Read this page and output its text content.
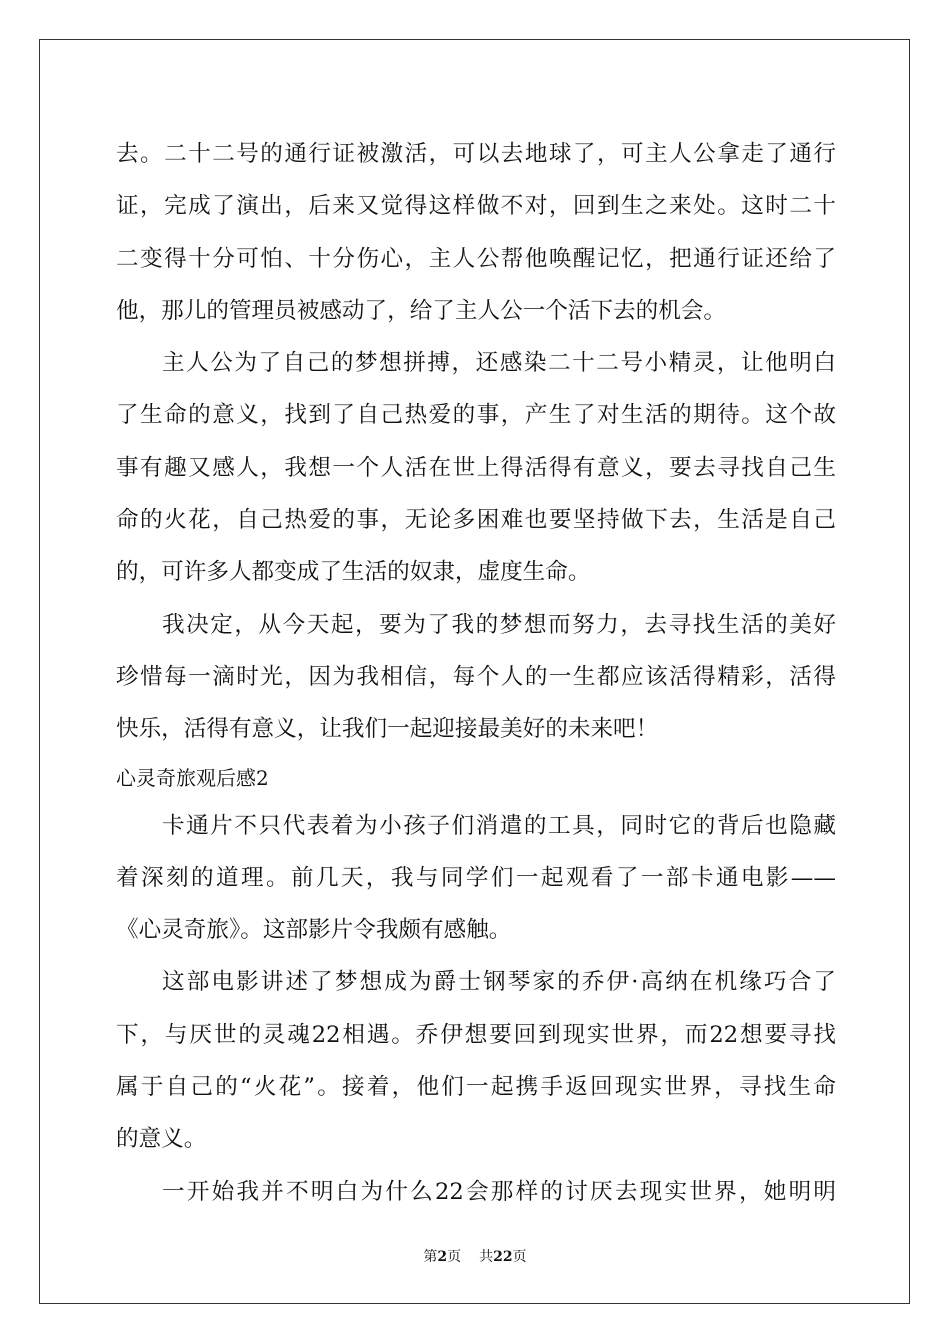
去。二十二号的通行证被激活，可以去地球了，可主人公拿走了通行
证，完成了演出，后来又觉得这样做不对，回到生之来处。这时二十
二变得十分可怕、十分伤心，主人公帮他唤醒记忆，把通行证还给了
他，那儿的管理员被感动了，给了主人公一个活下去的机会。
主人公为了自己的梦想拼搏，还感染二十二号小精灵，让他明白
了生命的意义，找到了自己热爱的事，产生了对生活的期待。这个故
事有趣又感人，我想一个人活在世上得活得有意义，要去寻找自己生
命的火花，自己热爱的事，无论多困难也要坚持做下去，生活是自己
的，可许多人都变成了生活的奴隶，虚度生命。
我决定，从今天起，要为了我的梦想而努力，去寻找生活的美好
珍惜每一滴时光，因为我相信，每个人的一生都应该活得精彩，活得
快乐，活得有意义，让我们一起迎接最美好的未来吧！
心灵奇旅观后感2
卡通片不只代表着为小孩子们消遣的工具，同时它的背后也隐藏
着深刻的道理。前几天，我与同学们一起观看了一部卡通电影——
《心灵奇旅》。这部影片令我颇有感触。
这部电影讲述了梦想成为爵士钢琴家的乔伊·高纳在机缘巧合了
下，与厌世的灵魂22相遇。乔伊想要回到现实世界，而22想要寻找
属于自己的“火花”。接着，他们一起携手返回现实世界，寻找生命
的意义。
一开始我并不明白为什么22会那样的讨厌去现实世界，她明明
第2页 共22页
